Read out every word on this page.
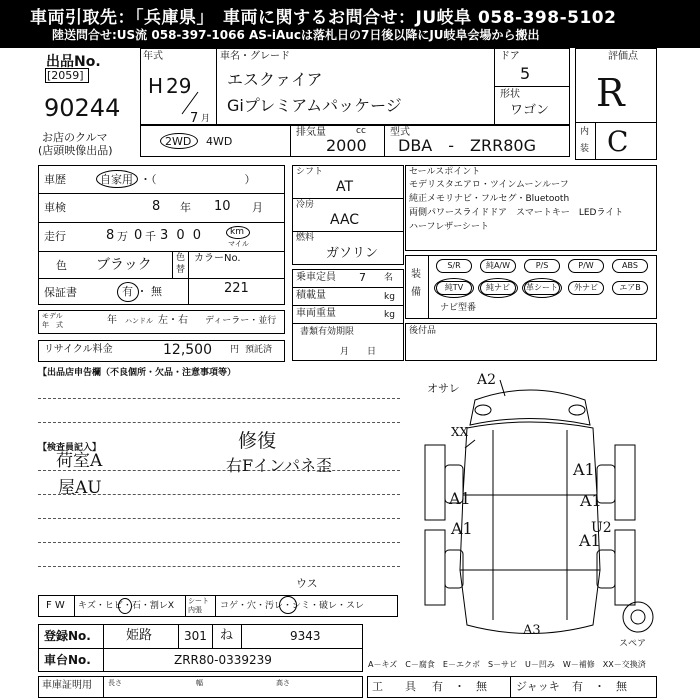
車両引取先：「兵庫県」　車両に関するお問合せ：JU岐阜 058-398-5102
陸送問合せ:US流 058-397-1066 AS-iAucは落札日の7日後以降にJU岐阜会場から搬出
出品No.
[2059]
90244
お店のクルマ
(店頭映像出品)
年式
H 29
7 月
車名・グレード
エスクァイア
Giプレミアムパッケージ
ドア
5
形状
ワゴン
評価点
R
内
装 C
2WD 4WD
排気量	cc
2000
型式
DBA　-　ZRR80G
車歴	自家用 ・（　　　　　　　　）
車検	8 年 10 月
走行	8 万 0 千 3 0 0	km
マイル
色 ブラック	色
替
カラーNo.
221
保証書	有 ・ 無
モデル
年　式	年 ハンドル 左・右 ディーラー・並行
リサイクル料金	12,500 円 預託済
シフト
AT
冷房
AAC
燃料
ガソリン
乗車定員 7 名
積載量	kg
車両重量	kg
書類有効期限
月　　日
セールスポイント
モデリスタエアロ・ツインムーンルーフ
純正メモリナビ・フルセグ・Bluetooth
両側パワースライドドア　スマートキー　LEDライト
ハーフレザーシート
装
備
S/R	純A/W	P/S	P/W	ABS
純TV	純ナビ	革シート	外ナビ	エアB
ナビ型番
後付品
【出品店申告欄（不良個所・欠品・注意事項等）
【検査員記入】
荷室A
屋AU
修復
右Fインパネ歪
F W キズ・ヒビ・石・割レX シート
内張 コゲ・穴・汚レ・シミ・破レ・スレ
ウス
登録No.	姫路	301 ね	9343
車台No.	ZRR80-0339239
車庫証明用 長さ	幅	高さ
A－キズ　C－腐食　E－エクボ　S－サビ　U－凹み　W－補修　XX－交換済
工　　具 有　・　無	ジャッキ 有　・　無
オサレ
A2
XX
A1
A1	A1
A1
A1
U2
A3
スペア
